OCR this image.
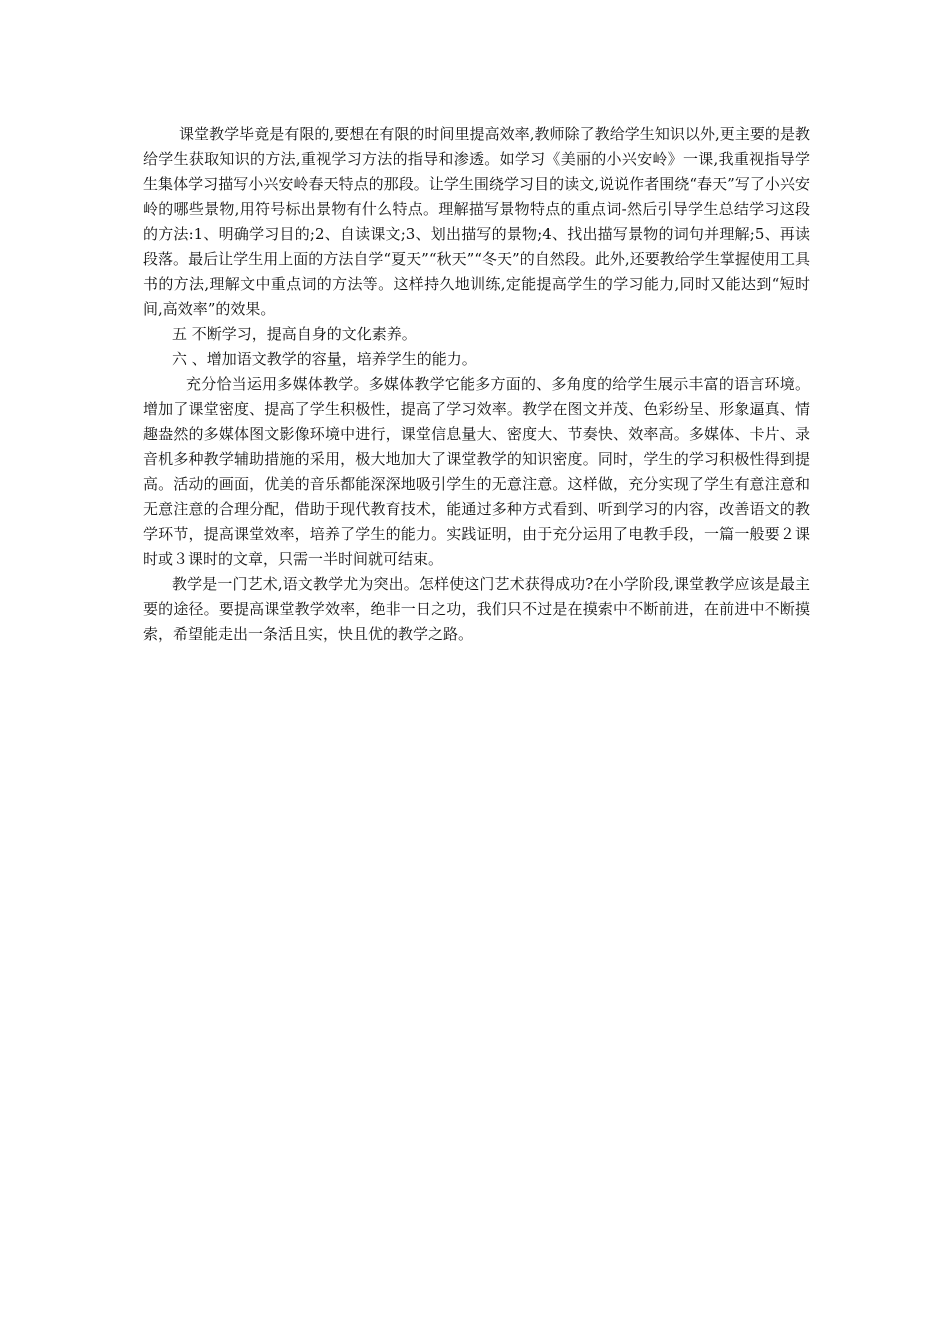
课堂教学毕竟是有限的,要想在有限的时间里提高效率,教师除了教给学生知识以外,更主要的是教给学生获取知识的方法,重视学习方法的指导和渗透。如学习《美丽的小兴安岭》一课,我重视指导学生集体学习描写小兴安岭春天特点的那段。让学生围绕学习目的读文,说说作者围绕“春天”写了小兴安岭的哪些景物,用符号标出景物有什么特点。理解描写景物特点的重点词-然后引导学生总结学习这段的方法:1、明确学习目的;2、自读课文;3、划出描写的景物;4、找出描写景物的词句并理解;5、再读段落。最后让学生用上面的方法自学“夏天”“秋天”“冬天”的自然段。此外,还要教给学生掌握使用工具书的方法,理解文中重点词的方法等。这样持久地训练,定能提高学生的学习能力,同时又能达到“短时间,高效率”的效果。

五 不断学习，提高自身的文化素养。

六 、增加语文教学的容量，培养学生的能力。

充分恰当运用多媒体教学。多媒体教学它能多方面的、多角度的给学生展示丰富的语言环境。增加了课堂密度、提高了学生积极性，提高了学习效率。教学在图文并茂、色彩纷呈、形象逼真、情趣盎然的多媒体图文影像环境中进行，课堂信息量大、密度大、节奏快、效率高。多媒体、卡片、录音机多种教学辅助措施的采用，极大地加大了课堂教学的知识密度。同时，学生的学习积极性得到提高。活动的画面，优美的音乐都能深深地吸引学生的无意注意。这样做，充分实现了学生有意注意和无意注意的合理分配，借助于现代教育技术，能通过多种方式看到、听到学习的内容，改善语文的教学环节，提高课堂效率，培养了学生的能力。实践证明，由于充分运用了电教手段，一篇一般要２课时或３课时的文章，只需一半时间就可结束。

教学是一门艺术,语文教学尤为突出。怎样使这门艺术获得成功?在小学阶段,课堂教学应该是最主要的途径。要提高课堂教学效率，绝非一日之功，我们只不过是在摸索中不断前进，在前进中不断摸索，希望能走出一条活且实，快且优的教学之路。
